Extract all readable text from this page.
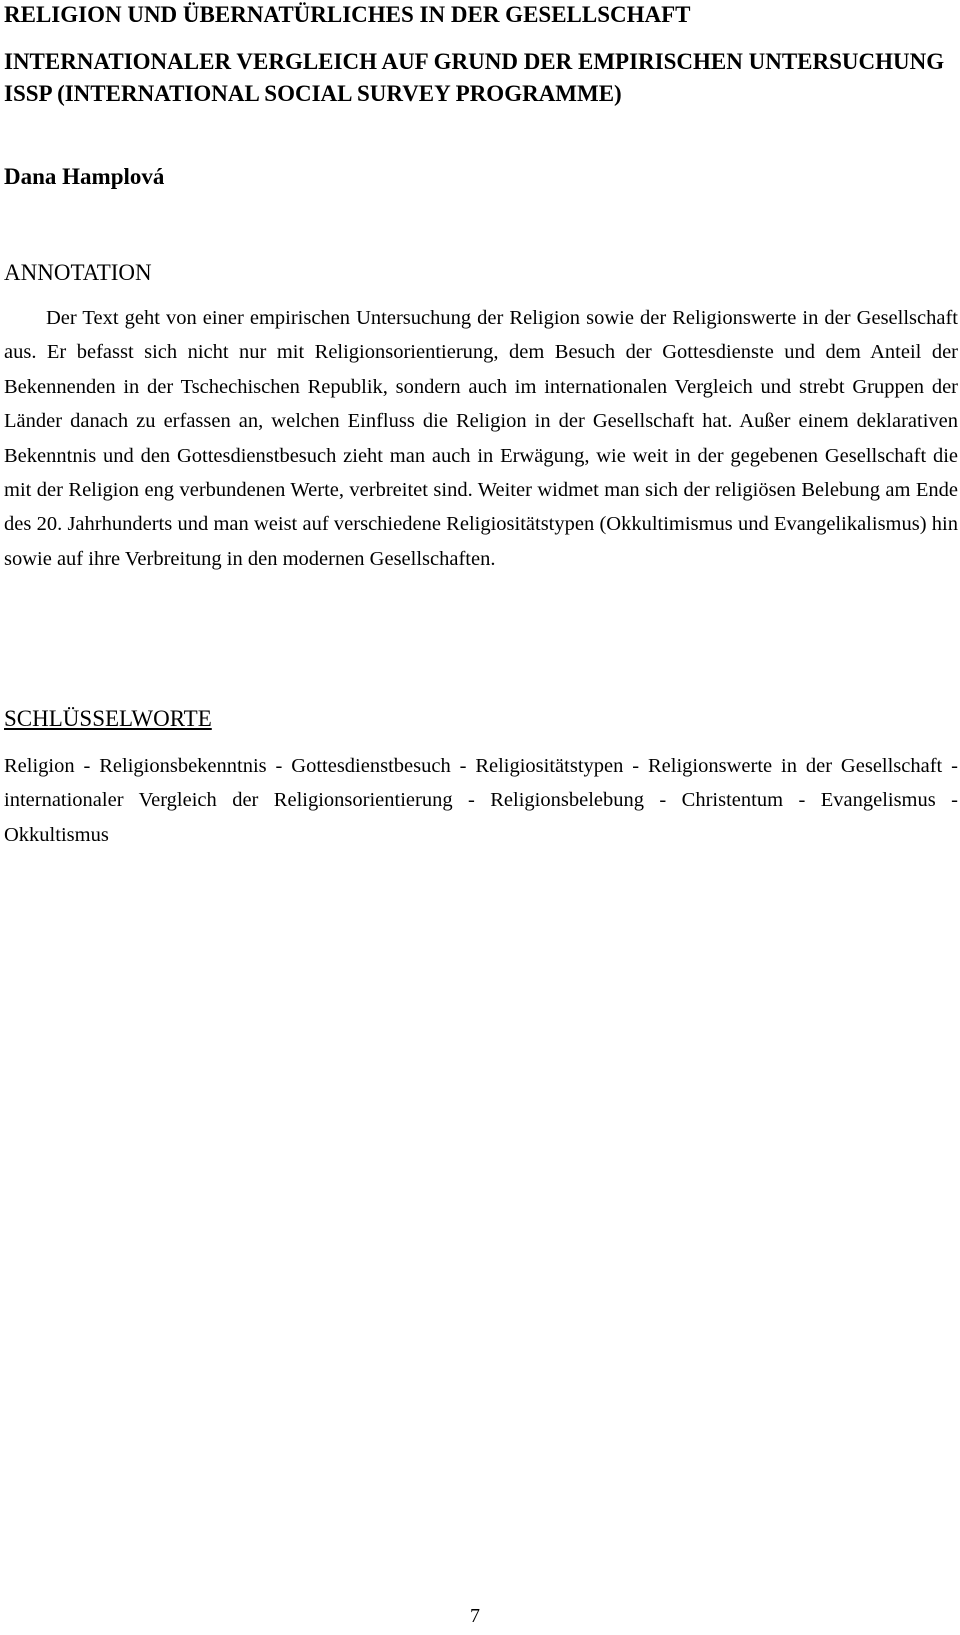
RELIGION UND ÜBERNATÜRLICHES IN DER GESELLSCHAFT
INTERNATIONALER VERGLEICH AUF GRUND DER EMPIRISCHEN UNTERSUCHUNG ISSP (INTERNATIONAL SOCIAL SURVEY PROGRAMME)
Dana Hamplová
ANNOTATION

Der Text geht von einer empirischen Untersuchung der Religion sowie der Religionswerte in der Gesellschaft aus. Er befasst sich nicht nur mit Religionsorientierung, dem Besuch der Gottesdienste und dem Anteil der Bekennenden in der Tschechischen Republik, sondern auch im internationalen Vergleich und strebt Gruppen der Länder danach zu erfassen an, welchen Einfluss die Religion in der Gesellschaft hat. Außer einem deklarativen Bekenntnis und den Gottesdienstbesuch zieht man auch in Erwägung, wie weit in der gegebenen Gesellschaft die mit der Religion eng verbundenen Werte, verbreitet sind. Weiter widmet man sich der religiösen Belebung am Ende des 20. Jahrhunderts und man weist auf verschiedene Religiositätstypen (Okkultimismus und Evangelikalismus) hin sowie auf ihre Verbreitung in den modernen Gesellschaften.

SCHLÜSSELWORTE

Religion - Religionsbekenntnis - Gottesdienstbesuch - Religiositätstypen - Religionswerte in der Gesellschaft - internationaler Vergleich der Religionsorientierung - Religionsbelebung - Christentum - Evangelismus - Okkultismus

7
